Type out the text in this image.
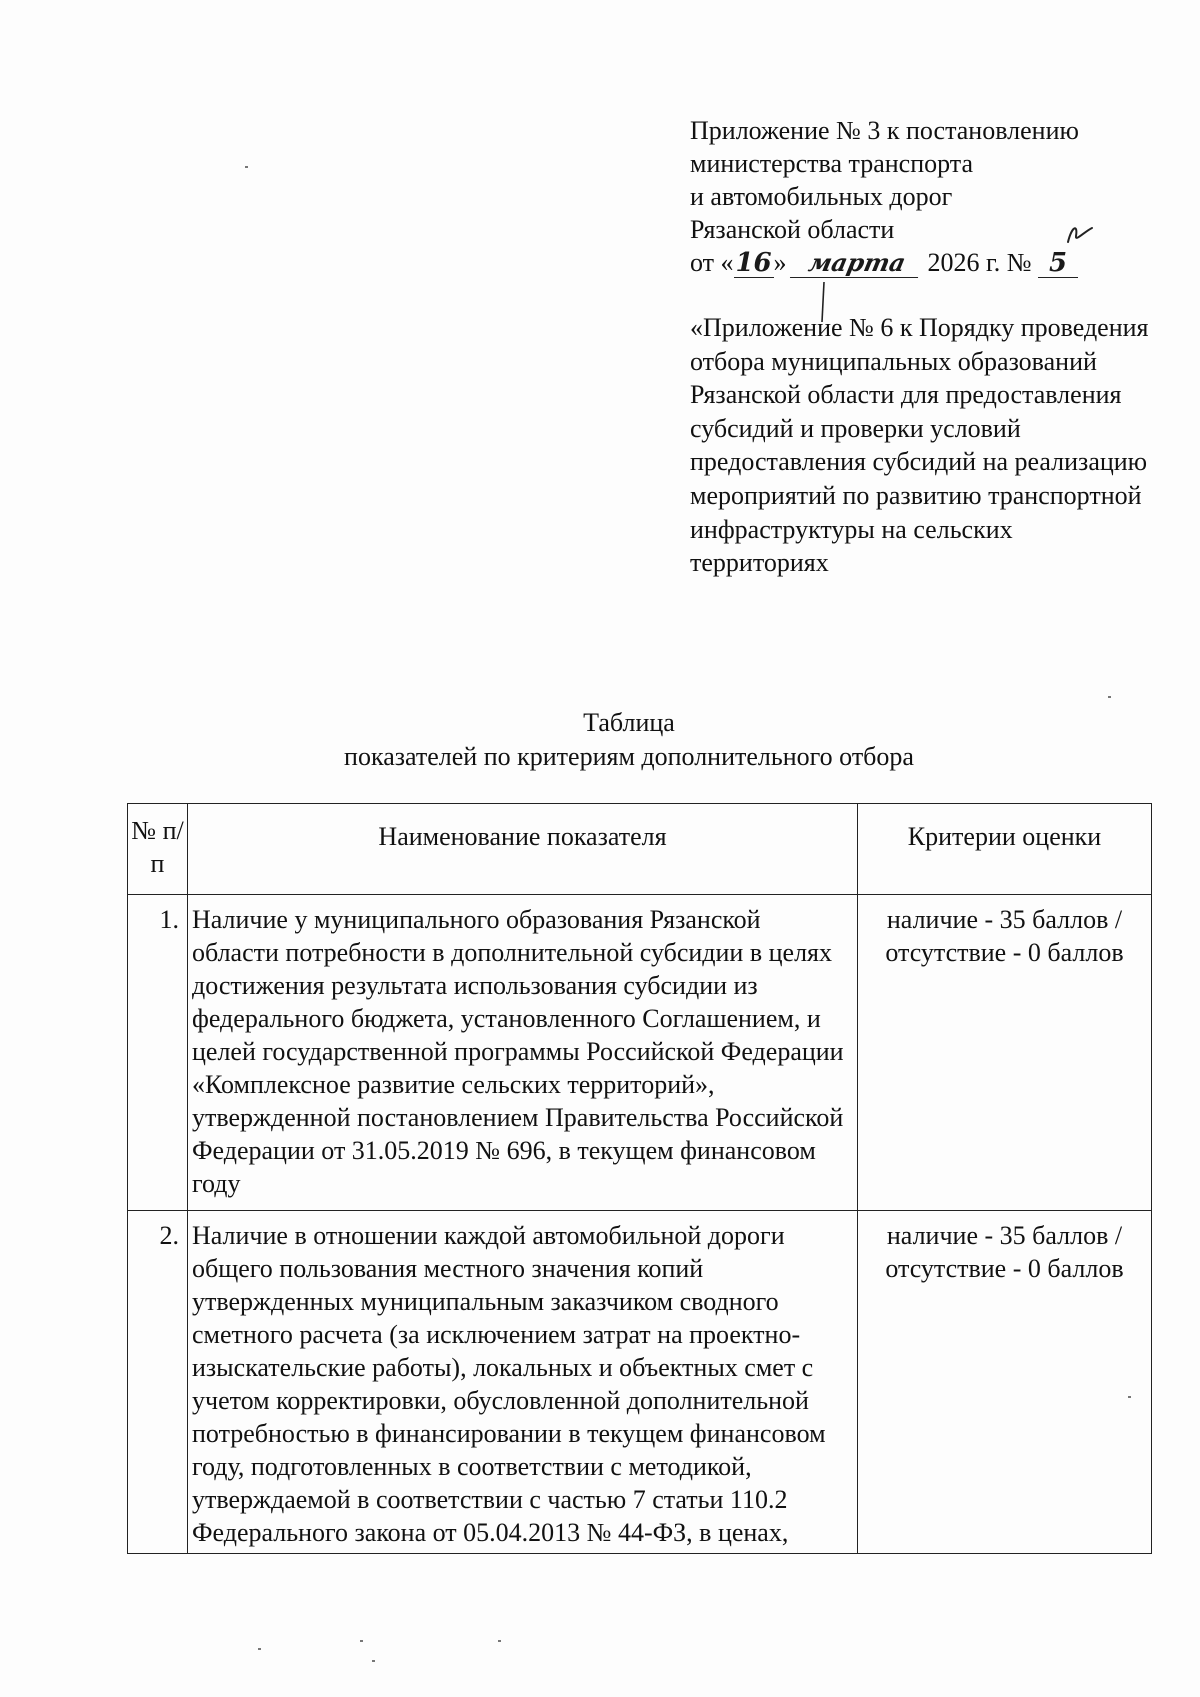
Приложение № 3 к постановлению
министерства транспорта
и автомобильных дорог
Рязанской области
от «16» марта 2026 г. № 5
«Приложение № 6 к Порядку проведения отбора муниципальных образований Рязанской области для предоставления субсидий и проверки условий предоставления субсидий на реализацию мероприятий по развитию транспортной инфраструктуры на сельских территориях
Таблица
показателей по критериям дополнительного отбора
№ п/п	Наименование показателя	Критерии оценки
1.	Наличие у муниципального образования Рязанской области потребности в дополнительной субсидии в целях достижения результата использования субсидии из федерального бюджета, установленного Соглашением, и целей государственной программы Российской Федерации «Комплексное развитие сельских территорий», утвержденной постановлением Правительства Российской Федерации от 31.05.2019 № 696, в текущем финансовом году	наличие - 35 баллов / отсутствие - 0 баллов
2.	Наличие в отношении каждой автомобильной дороги общего пользования местного значения копий утвержденных муниципальным заказчиком сводного сметного расчета (за исключением затрат на проектно-изыскательские работы), локальных и объектных смет с учетом корректировки, обусловленной дополнительной потребностью в финансировании в текущем финансовом году, подготовленных в соответствии с методикой, утверждаемой в соответствии с частью 7 статьи 110.2 Федерального закона от 05.04.2013 № 44-ФЗ, в ценах,	наличие - 35 баллов / отсутствие - 0 баллов
